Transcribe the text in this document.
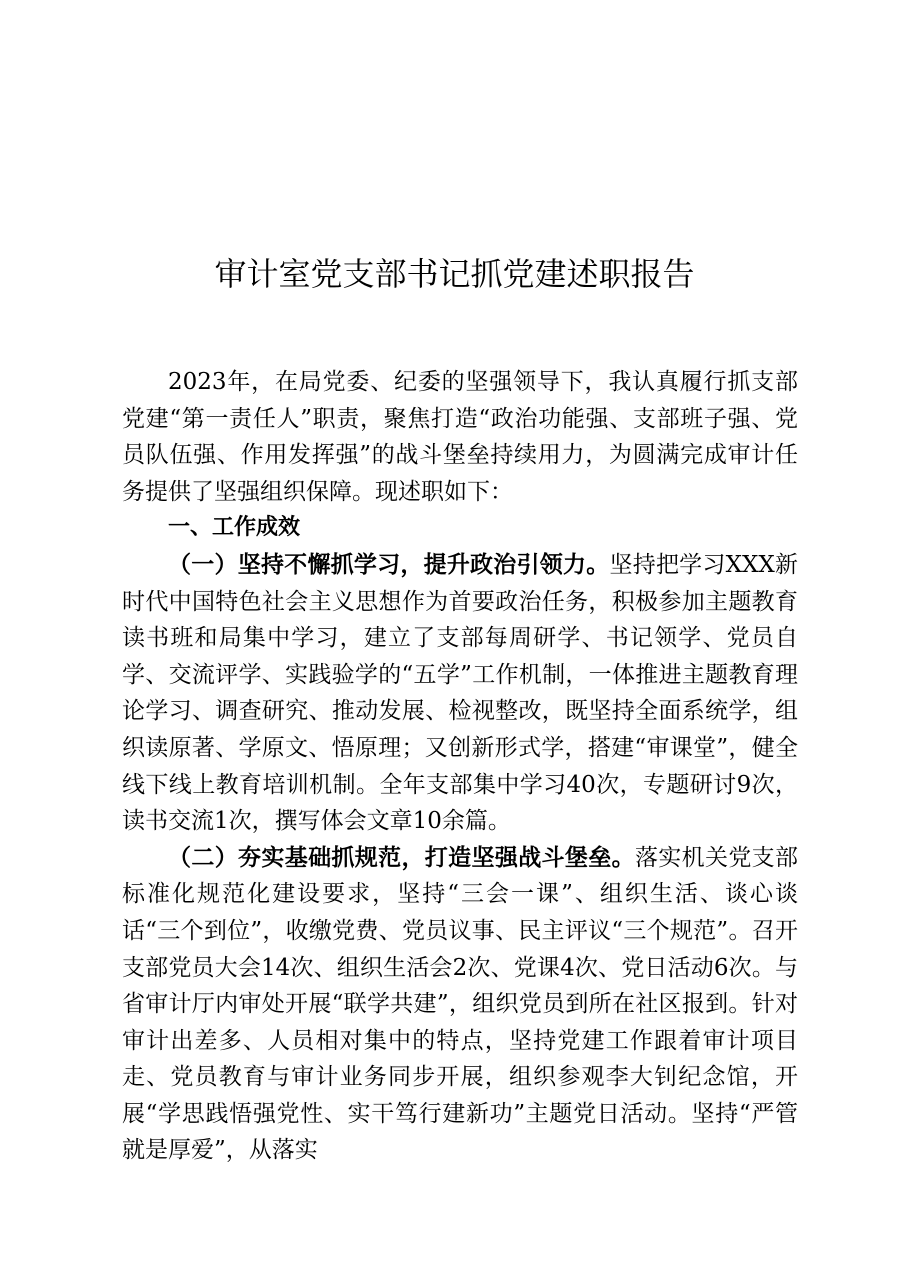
审计室党支部书记抓党建述职报告

2023年，在局党委、纪委的坚强领导下，我认真履行抓支部党建“第一责任人”职责，聚焦打造“政治功能强、支部班子强、党员队伍强、作用发挥强”的战斗堡垒持续用力，为圆满完成审计任务提供了坚强组织保障。现述职如下：

一、工作成效

（一）坚持不懈抓学习，提升政治引领力。坚持把学习XXX新时代中国特色社会主义思想作为首要政治任务，积极参加主题教育读书班和局集中学习，建立了支部每周研学、书记领学、党员自学、交流评学、实践验学的“五学”工作机制，一体推进主题教育理论学习、调查研究、推动发展、检视整改，既坚持全面系统学，组织读原著、学原文、悟原理；又创新形式学，搭建“审课堂”，健全线下线上教育培训机制。全年支部集中学习40次，专题研讨9次，读书交流1次，撰写体会文章10余篇。

（二）夯实基础抓规范，打造坚强战斗堡垒。落实机关党支部标准化规范化建设要求，坚持“三会一课”、组织生活、谈心谈话“三个到位”，收缴党费、党员议事、民主评议“三个规范”。召开支部党员大会14次、组织生活会2次、党课4次、党日活动6次。与省审计厅内审处开展“联学共建”，组织党员到所在社区报到。针对审计出差多、人员相对集中的特点，坚持党建工作跟着审计项目走、党员教育与审计业务同步开展，组织参观李大钊纪念馆，开展“学思践悟强党性、实干笃行建新功”主题党日活动。坚持“严管就是厚爱”，从落实
